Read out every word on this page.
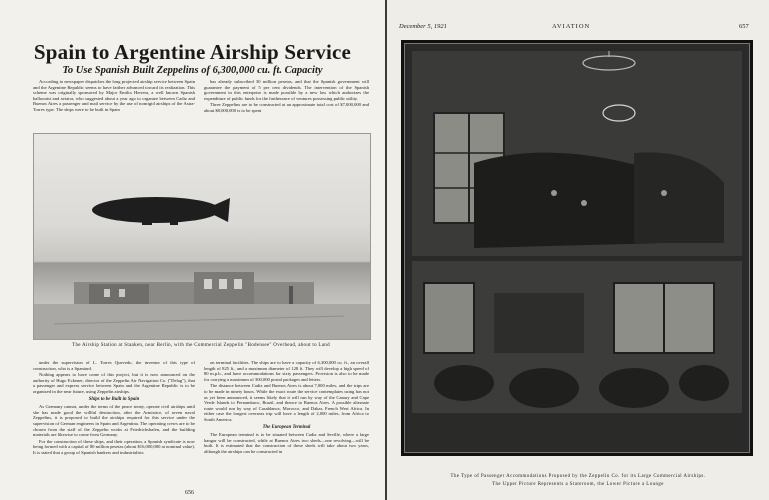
Spain to Argentine Airship Service
To Use Spanish Built Zeppelins of 6,300,000 cu. ft. Capacity

According to newspaper dispatches the long projected airship service between Spain and the Argentine Republic seems to have farther advanced toward its realization. This scheme was originally sponsored by Major Emilio Herrera, a well known Spanish balloonist and aviator, who suggested about a year ago to organize between Cadiz and Buenos Aires a passenger and mail service by the use of nonrigid airships of the Astra-Torres type. The ships were to be built in Spain

has already subscribed 30 million pesetas, and that the Spanish government will guarantee the payment of 5 per cent dividends. The intervention of the Spanish government in this enterprise is made possible by a new law which authorizes the expenditure of public funds for the furtherance of ventures possessing public utility.

Three Zeppelins are to be constructed at an approximate total cost of $7,000,000 and about $8,000,000 is to be spent

The Airship Station at Staaken, near Berlin, with the Commercial Zeppelin "Bodensee" Overhead, about to Land

under the supervision of L. Torres Quevedo, the inventor of this type of construction, who is a Spaniard.

Nothing appears to have come of this project, but it is now announced on the authority of Hugo Eckener, director of the Zeppelin Air Navigation Co. ("Delag"), that a passenger and express service between Spain and the Argentine Republic is to be organized in the near future, using Zeppelin airships.

Ships to be Built in Spain

As Germany cannot, under the terms of the peace treaty, operate civil airships until she has made good the willful destruction, after the Armistice, of seven naval Zeppelins, it is proposed to build the airships required for this service under the supervision of German engineers in Spain and Argentina. The operating crews are to be chosen from the staff of the Zeppelin works at Friedrichshafen, and the building materials are likewise to come from Germany.

For the construction of these ships, and their operation, a Spanish syndicate is now being formed with a capital of 80 million pesetas (about $16,000,000 at nominal value). It is stated that a group of Spanish bankers and industrialists

on terminal facilities. The ships are to have a capacity of 6,300,000 cu. ft., an overall length of 825 ft., and a maximum diameter of 128 ft. They will develop a high speed of 80 m.p.h., and have accommodations for sixty passengers. Provision is also to be made for carrying a maximum of 300,000 postal packages and letters.

The distance between Cadiz and Buenos Aires is about 7,000 miles, and the trips are to be made in ninety hours. While the exact route the service contemplates using has not as yet been announced, it seems likely that it will run by way of the Canary and Cape Verde Islands to Pernambuco, Brazil, and thence to Buenos Aires. A possible alternate route would run by way of Casablanca, Morocco, and Dakar, French West Africa. In either case the longest overseas trip will have a length of 2,000 miles, from Africa to South America.

The European Terminal

The European terminal is to be situated between Cadiz and Seville, where a large hangar will be constructed, while at Buenos Aires two sheds—one revolving—will be built. It is estimated that the construction of these sheds will take about two years, although the airships can be constructed in

656
December 5, 1921	AVIATION	657
The Type of Passenger Accommodations Proposed by the Zeppelin Co. for its Large Commercial Airships.
The Upper Picture Represents a Stateroom, the Lower Picture a Lounge
